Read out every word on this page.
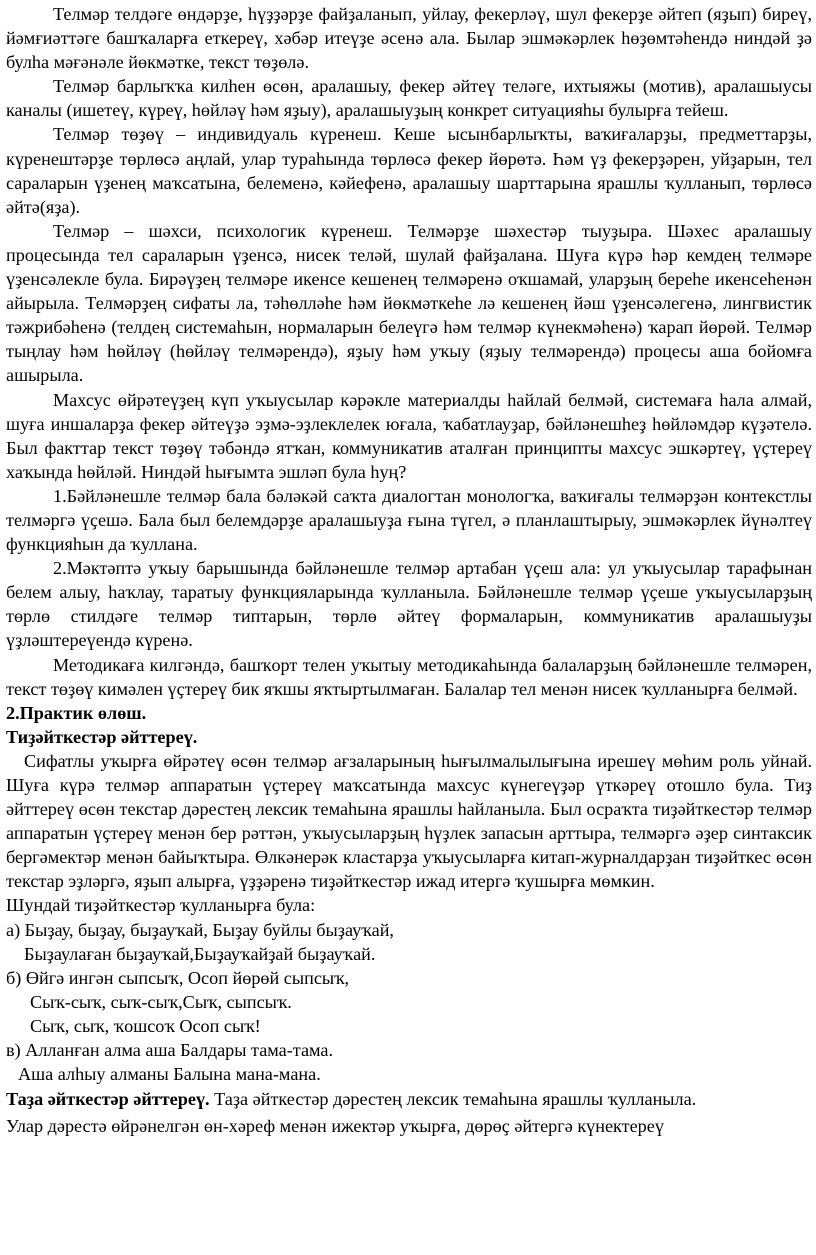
Телмәр телдәге өндәрҙе, һүҙҙәрҙе файҙаланып, уйлау, фекерләү, шул фекерҙе әйтеп (яҙып) биреү, йәмғиәттәге башҡаларға еткереү, хәбәр итеүҙе әсенә ала. Былар эшмәкәрлек һөҙөмтәһендә ниндәй ҙә булһа мәғәнәле йөкмәтке, текст төҙөлә.

Телмәр барлыҡҡа килһен өсөн, аралашыу, фекер әйтеү теләге, ихтыяжы (мотив), аралашыусы каналы (ишетеү, күреү, һөйләү һәм яҙыу), аралашыуҙың конкрет ситуацияһы булырға тейеш.

Телмәр төҙөү – индивидуаль күренеш. Кеше ысынбарлыҡты, ваҡиғаларҙы, предметтарҙы, күренештәрҙе төрлөсә аңлай, улар тураһында төрлөсә фекер йөрөтә. Һәм үҙ фекерҙәрен, уйҙарын, тел сараларын үҙенең маҡсатына, белеменә, кәйефенә, аралашыу шарттарына ярашлы ҡулланып, төрлөсә әйтә(яҙа).

Телмәр – шәхси, психологик күренеш. Телмәрҙе шәхестәр тыуҙыра. Шәхес аралашыу процесында тел сараларын үҙенсә, нисек теләй, шулай файҙалана. Шуға күрә һәр кемдең телмәре үҙенсәлекле була. Бирәүҙең телмәре икенсе кешенең телмәренә оҡшамай, уларҙың береһе икенсеһенән айырыла. Телмәрҙең сифаты ла, тәһөлләһе һәм йөкмәткеһе лә кешенең йәш үҙенсәлегенә, лингвистик тәжрибәһенә (телдең системаһын, нормаларын белеүгә һәм телмәр күнекмәһенә) ҡарап йөрөй. Телмәр тыңлау һәм һөйләү (һөйләү телмәрендә), яҙыу һәм уҡыу (яҙыу телмәрендә) процесы аша бойомға ашырыла.

Махсус өйрәтеүҙең күп уҡыусылар кәрәкле материалды һайлай белмәй, системаға һала алмай, шуға иншаларҙа фекер әйтеүҙә эҙмә-эҙлеклелек юғала, ҡабатлауҙар, бәйләнешһеҙ һөйләмдәр күҙәтелә. Был факттар текст төҙөү тәбәндә ятҡан, коммуникатив аталған принципты махсус эшкәртеү, үҫтереү хаҡында һөйләй. Ниндәй һығымта эшләп була һуң?

1.Бәйләнешле телмәр бала бәләкәй саҡта диалогтан монологҡа, ваҡиғалы телмәрҙән контекстлы телмәргә үҫешә. Бала был белемдәрҙе аралашыуҙа ғына түгел, ә планлаштырыу, эшмәкәрлек йүнәлтеү функцияһын да ҡуллана.

2.Мәктәптә уҡыу барышында бәйләнешле телмәр артабан үҫеш ала: ул уҡыусылар тарафынан белем алыу, һаҡлау, таратыу функцияларында ҡулланыла. Бәйләнешле телмәр үҫеше уҡыусыларҙың төрлө стилдәге телмәр типтарын, төрлө әйтеү формаларын, коммуникатив аралашыуҙы үҙләштереүендә күренә.

Методикаға килгәндә, башҡорт телен уҡытыу методикаһында балаларҙың бәйләнешле телмәрен, текст төҙөү кимәлен үҫтереү бик яҡшы яҡтыртылмаған. Балалар тел менән нисек ҡулланырға белмәй.

2.Практик өлөш.

Тиҙәйткестәр әйттереү.

Сифатлы уҡырға өйрәтеү өсөн телмәр ағзаларының һығылмалылығына ирешеү мөһим роль уйнай. Шуға күрә телмәр аппаратын үҫтереү маҡсатында махсус күнегеүҙәр үткәреү отошло була. Тиҙ әйттереү өсөн текстар дәрестең лексик темаһына ярашлы һайланыла. Был осраҡта тиҙәйткестәр телмәр аппаратын үҫтереү менән бер рәттән, уҡыусыларҙың һүҙлек запасын арттыра, телмәргә әҙер синтаксик бергәмектәр менән байыҡтыра. Өлкәнерәк кластарҙа уҡыусыларға китап-журналдарҙан тиҙәйткес өсөн текстар эҙләргә, яҙып алырға, үҙҙәренә тиҙәйткестәр ижад итергә ҡушырға мөмкин.

Шундай тиҙәйткестәр ҡулланырға була:

а) Быҙау, быҙау, быҙауҡай, Быҙау буйлы быҙауҡай,

Быҙаулаған быҙауҡай,Быҙауҡайҙай быҙауҡай.

б) Өйгә ингән сыпсыҡ, Осоп йөрөй сыпсыҡ,

Сыҡ-сыҡ, сыҡ-сыҡ,Сыҡ, сыпсыҡ.

Сыҡ, сыҡ, ҡошсоҡ Осоп сыҡ!

в) Алланған алма аша Балдары тама-тама.

Аша алһыу алманы Балына мана-мана.

Таҙа әйткестәр әйттереү. Таҙа әйткестәр дәрестең лексик темаһына ярашлы ҡулланыла.

Улар дәрестә өйрәнелгән өн-хәреф менән ижектәр уҡырға, дөрөҫ әйтергә күнектереү
